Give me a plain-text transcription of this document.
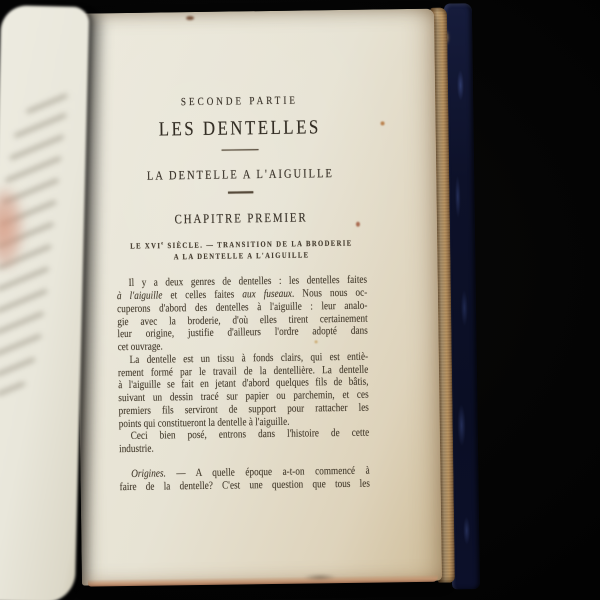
SECONDE PARTIE
LES DENTELLES
LA DENTELLE A L'AIGUILLE
CHAPITRE PREMIER
LE XVIe SIÈCLE. — TRANSITION DE LA BRODERIE
A LA DENTELLE A L'AIGUILLE
Il y a deux genres de dentelles : les dentelles faites
à l'aiguille et celles faites aux fuseaux. Nous nous oc-
cuperons d'abord des dentelles à l'aiguille : leur analo-
gie avec la broderie, d'où elles tirent certainement
leur origine, justifie d'ailleurs l'ordre adopté dans
cet ouvrage.
La dentelle est un tissu à fonds clairs, qui est entiè-
rement formé par le travail de la dentellière. La dentelle
à l'aiguille se fait en jetant d'abord quelques fils de bâtis,
suivant un dessin tracé sur papier ou parchemin, et ces
premiers fils serviront de support pour rattacher les
points qui constitueront la dentelle à l'aiguille.
Ceci bien posé, entrons dans l'histoire de cette
industrie.
Origines. — A quelle époque a-t-on commencé à
faire de la dentelle? C'est une question que tous les
